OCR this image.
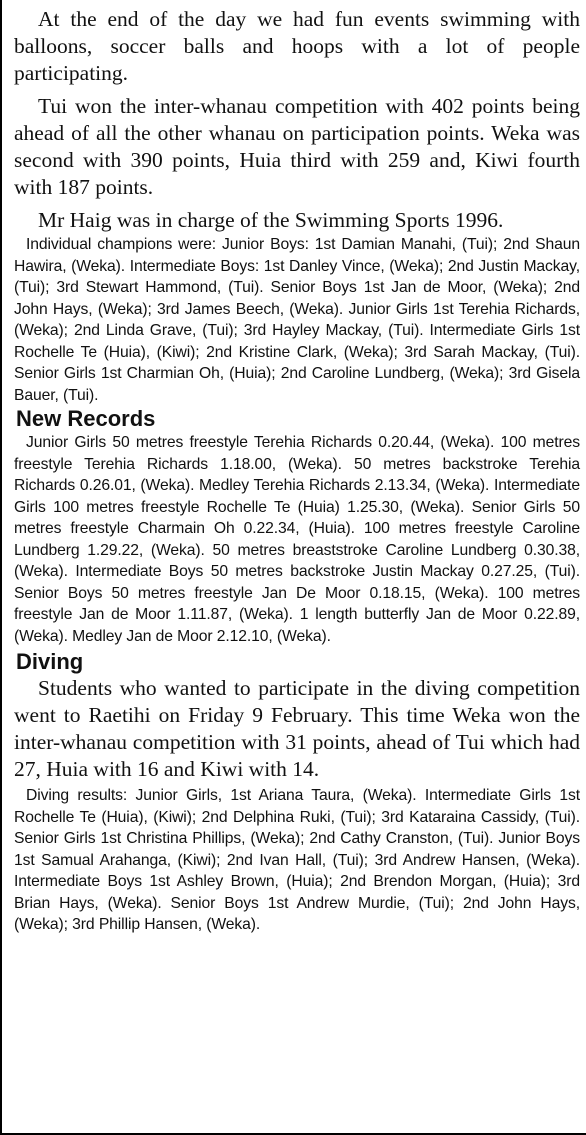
At the end of the day we had fun events swimming with balloons, soccer balls and hoops with a lot of people participating.

Tui won the inter-whanau competition with 402 points being ahead of all the other whanau on participation points. Weka was second with 390 points, Huia third with 259 and, Kiwi fourth with 187 points.

Mr Haig was in charge of the Swimming Sports 1996.

Individual champions were: Junior Boys: 1st Damian Manahi, (Tui); 2nd Shaun Hawira, (Weka). Intermediate Boys: 1st Danley Vince, (Weka); 2nd Justin Mackay, (Tui); 3rd Stewart Hammond, (Tui). Senior Boys 1st Jan de Moor, (Weka); 2nd John Hays, (Weka); 3rd James Beech, (Weka). Junior Girls 1st Terehia Richards, (Weka); 2nd Linda Grave, (Tui); 3rd Hayley Mackay, (Tui). Intermediate Girls 1st Rochelle Te (Huia), (Kiwi); 2nd Kristine Clark, (Weka); 3rd Sarah Mackay, (Tui). Senior Girls 1st Charmian Oh, (Huia); 2nd Caroline Lundberg, (Weka); 3rd Gisela Bauer, (Tui).

New Records

Junior Girls 50 metres freestyle Terehia Richards 0.20.44, (Weka). 100 metres freestyle Terehia Richards 1.18.00, (Weka). 50 metres backstroke Terehia Richards 0.26.01, (Weka). Medley Terehia Richards 2.13.34, (Weka). Intermediate Girls 100 metres freestyle Rochelle Te (Huia) 1.25.30, (Weka). Senior Girls 50 metres freestyle Charmain Oh 0.22.34, (Huia). 100 metres freestyle Caroline Lundberg 1.29.22, (Weka). 50 metres breaststroke Caroline Lundberg 0.30.38, (Weka). Intermediate Boys 50 metres backstroke Justin Mackay 0.27.25, (Tui). Senior Boys 50 metres freestyle Jan De Moor 0.18.15, (Weka). 100 metres freestyle Jan de Moor 1.11.87, (Weka). 1 length butterfly Jan de Moor 0.22.89, (Weka). Medley Jan de Moor 2.12.10, (Weka).

Diving

Students who wanted to participate in the diving competition went to Raetihi on Friday 9 February. This time Weka won the inter-whanau competition with 31 points, ahead of Tui which had 27, Huia with 16 and Kiwi with 14.

Diving results: Junior Girls, 1st Ariana Taura, (Weka). Intermediate Girls 1st Rochelle Te (Huia), (Kiwi); 2nd Delphina Ruki, (Tui); 3rd Kataraina Cassidy, (Tui). Senior Girls 1st Christina Phillips, (Weka); 2nd Cathy Cranston, (Tui). Junior Boys 1st Samual Arahanga, (Kiwi); 2nd Ivan Hall, (Tui); 3rd Andrew Hansen, (Weka). Intermediate Boys 1st Ashley Brown, (Huia); 2nd Brendon Morgan, (Huia); 3rd Brian Hays, (Weka). Senior Boys 1st Andrew Murdie, (Tui); 2nd John Hays, (Weka); 3rd Phillip Hansen, (Weka).
